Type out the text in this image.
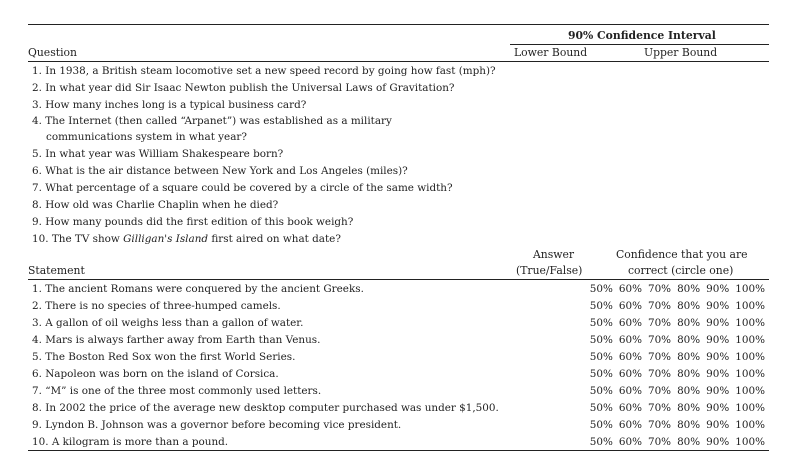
90% Confidence Interval
Question	Lower Bound	Upper Bound
1. In 1938, a British steam locomotive set a new speed record by going how fast (mph)?
2. In what year did Sir Isaac Newton publish the Universal Laws of Gravitation?
3. How many inches long is a typical business card?
4. The Internet (then called “Arpanet”) was established as a military
communications system in what year?
5. In what year was William Shakespeare born?
6. What is the air distance between New York and Los Angeles (miles)?
7. What percentage of a square could be covered by a circle of the same width?
8. How old was Charlie Chaplin when he died?
9. How many pounds did the first edition of this book weigh?
10. The TV show Gilligan's Island first aired on what date?
Answer
(True/False)
Confidence that you are
correct (circle one)
Statement
1. The ancient Romans were conquered by the ancient Greeks.
2. There is no species of three-humped camels.
3. A gallon of oil weighs less than a gallon of water.
4. Mars is always farther away from Earth than Venus.
5. The Boston Red Sox won the first World Series.
6. Napoleon was born on the island of Corsica.
7. “M” is one of the three most commonly used letters.
8. In 2002 the price of the average new desktop computer purchased was under $1,500.
9. Lyndon B. Johnson was a governor before becoming vice president.
10. A kilogram is more than a pound.
50% 60% 70% 80% 90% 100%
50% 60% 70% 80% 90% 100%
50% 60% 70% 80% 90% 100%
50% 60% 70% 80% 90% 100%
50% 60% 70% 80% 90% 100%
50% 60% 70% 80% 90% 100%
50% 60% 70% 80% 90% 100%
50% 60% 70% 80% 90% 100%
50% 60% 70% 80% 90% 100%
50% 60% 70% 80% 90% 100%
